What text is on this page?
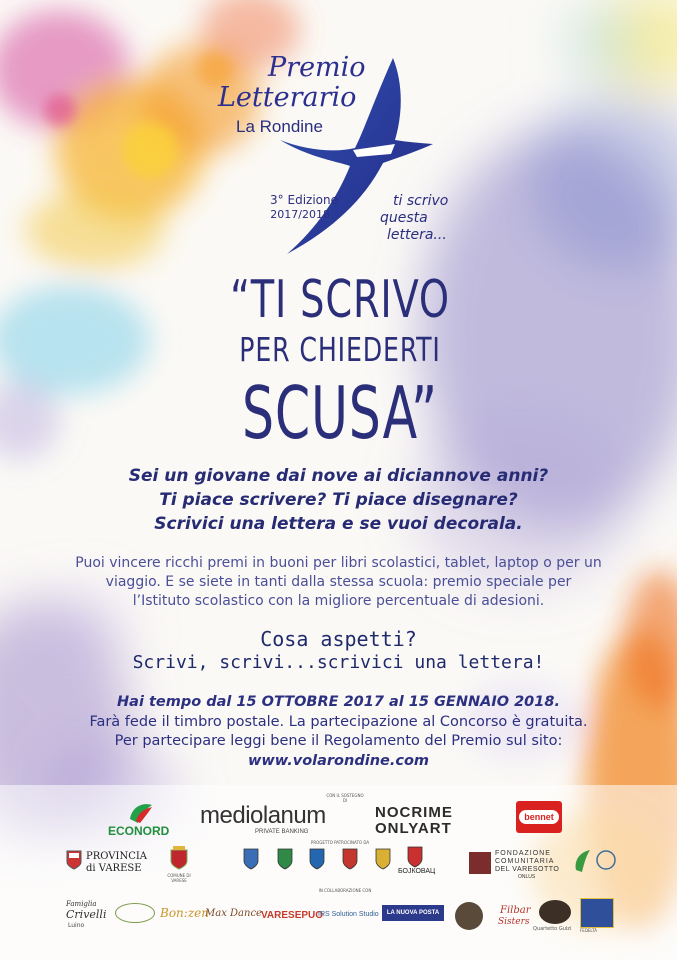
Premio
Letterario
La Rondine
3° Edizione
2017/2018
ti scrivo
questa
lettera...
“TI SCRIVO
PER CHIEDERTI
SCUSA”
Sei un giovane dai nove ai diciannove anni?
Ti piace scrivere? Ti piace disegnare?
Scrivici una lettera e se vuoi decorala.
Puoi vincere ricchi premi in buoni per libri scolastici, tablet, laptop o per un
viaggio. E se siete in tanti dalla stessa scuola: premio speciale per
l’Istituto scolastico con la migliore percentuale di adesioni.
Cosa aspetti?
Scrivi, scrivi...scrivici una lettera!
Hai tempo dal 15 OTTOBRE 2017 al 15 GENNAIO 2018.
Farà fede il timbro postale. La partecipazione al Concorso è gratuita.
Per partecipare leggi bene il Regolamento del Premio sul sito:
www.volarondine.com
CON IL SOSTEGNO DI
ECONORD
mediolanum
PRIVATE BANKING
NOCRIME
ONLYART
bennet
PROGETTO PATROCINATO DA
PROVINCIA
di VARESE
COMUNE DI VARESE
БОЈКОВАЦ
FONDAZIONE
COMUNITARIA
DEL VARESOTTO
ONLUS
IN COLLABORAZIONE CON
Famiglia
Crivelli
Luino
Bon:zen
Max Dance VARESEPUO
IRS Solution Studio	LA NUOVA POSTA	Filbar
Sisters
Quartetto Gulzi FEDELTÀ
